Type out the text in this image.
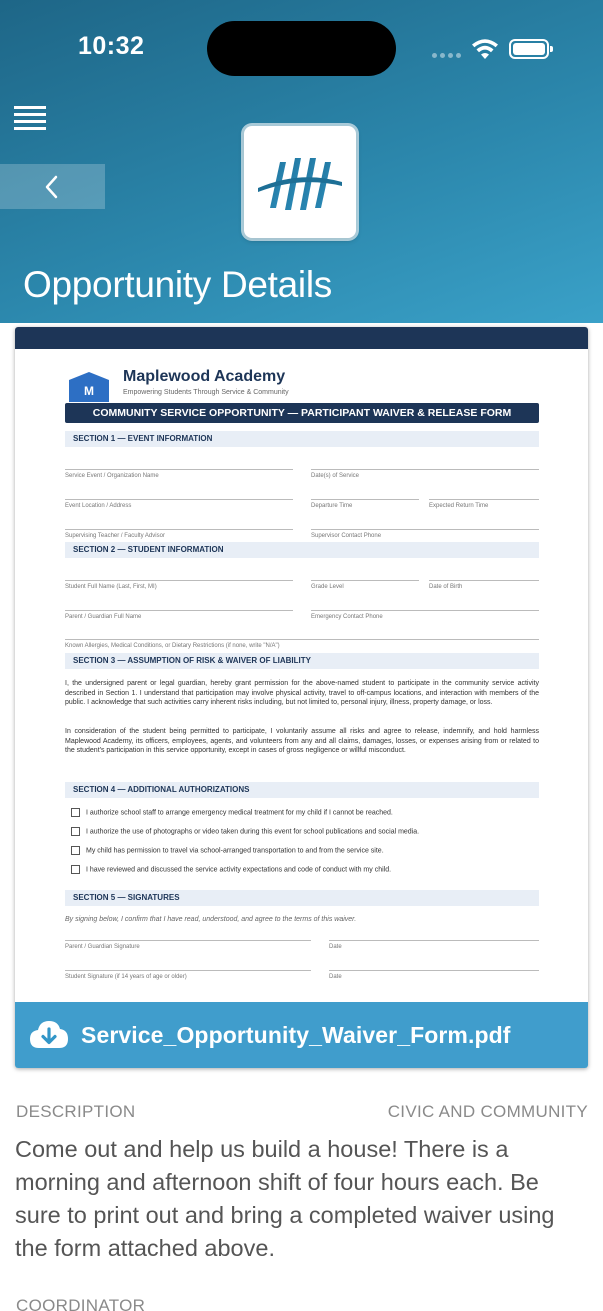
10:32
Opportunity Details
M
Maplewood Academy
Empowering Students Through Service & Community
COMMUNITY SERVICE OPPORTUNITY — PARTICIPANT WAIVER & RELEASE FORM
SECTION 1 — EVENT INFORMATION
Service Event / Organization Name	Date(s) of Service
Event Location / Address	Departure Time	Expected Return Time
Supervising Teacher / Faculty Advisor	Supervisor Contact Phone
SECTION 2 — STUDENT INFORMATION
Student Full Name (Last, First, MI)	Grade Level	Date of Birth
Parent / Guardian Full Name	Emergency Contact Phone
Known Allergies, Medical Conditions, or Dietary Restrictions (if none, write "N/A")
SECTION 3 — ASSUMPTION OF RISK & WAIVER OF LIABILITY
I, the undersigned parent or legal guardian, hereby grant permission for the above-named student to participate in the community service activity described in Section 1. I understand that participation may involve physical activity, travel to off-campus locations, and interaction with members of the public. I acknowledge that such activities carry inherent risks including, but not limited to, personal injury, illness, property damage, or loss.
In consideration of the student being permitted to participate, I voluntarily assume all risks and agree to release, indemnify, and hold harmless Maplewood Academy, its officers, employees, agents, and volunteers from any and all claims, damages, losses, or expenses arising from or related to the student's participation in this service opportunity, except in cases of gross negligence or willful misconduct.
SECTION 4 — ADDITIONAL AUTHORIZATIONS
I authorize school staff to arrange emergency medical treatment for my child if I cannot be reached.
I authorize the use of photographs or video taken during this event for school publications and social media.
My child has permission to travel via school-arranged transportation to and from the service site.
I have reviewed and discussed the service activity expectations and code of conduct with my child.
SECTION 5 — SIGNATURES
By signing below, I confirm that I have read, understood, and agree to the terms of this waiver.
Parent / Guardian Signature	Date
Student Signature (if 14 years of age or older)	Date
Service_Opportunity_Waiver_Form.pdf
DESCRIPTION	CIVIC AND COMMUNITY

Come out and help us build a house! There is a morning and afternoon shift of four hours each. Be sure to print out and bring a completed waiver using the form attached above.

COORDINATOR
